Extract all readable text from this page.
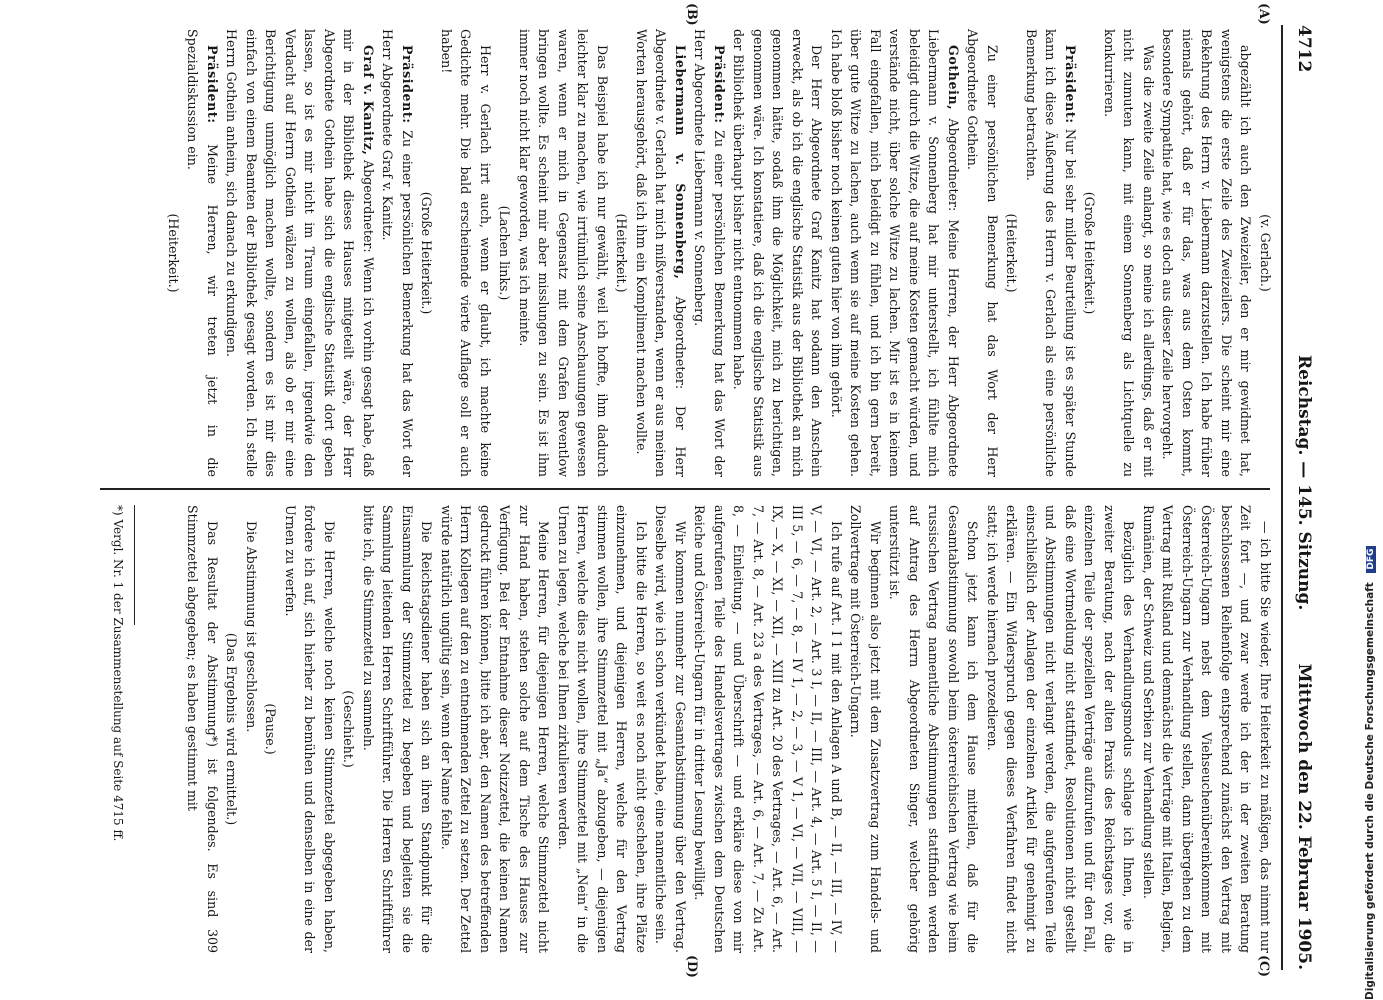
4712
Reichstag. — 145. Sitzung.
Mittwoch den 22. Februar 1905.
(A)
(B)
(C)
(D)

(v. Gerlach.)

abgezählt ich auch den Zweizeiler, den er mir gewidmet hat, wenigstens die erste Zeile des Zweizeilers. Die scheint mir eine Bekehrung des Herrn v. Liebermann darzustellen. Ich habe früher niemals gehört, daß er für das, was aus dem Osten kommt, besondere Sympathie hat, wie es doch aus dieser Zeile hervorgeht.

Was die zweite Zeile anlangt, so meine ich allerdings, daß er mit nicht zumuten kann, mit einem Sonnenberg als Lichtquelle zu konkurrieren.

(Große Heiterkeit.)

Präsident: Nur bei sehr milder Beurteilung ist es später Stunde kann ich diese Äußerung des Herrn v. Gerlach als eine persönliche Bemerkung betrachten.

(Heiterkeit.)

Zu einer persönlichen Bemerkung hat das Wort der Herr Abgeordnete Gothein.

Gothein, Abgeordneter: Meine Herren, der Herr Abgeordnete Liebermann v. Sonnenberg hat mir unterstellt, ich fühlte mich beleidigt durch die Witze, die auf meine Kosten gemacht würden, und verstände nicht, über solche Witze zu lachen. Mir ist es in keinem Fall eingefallen, mich beleidigt zu fühlen, und ich bin gern bereit, über gute Witze zu lachen, auch wenn sie auf meine Kosten gehen. Ich habe bloß bisher noch keinen guten hier von ihm gehört.

Der Herr Abgeordnete Graf Kanitz hat sodann den Anschein erweckt, als ob ich die englische Statistik aus der Bibliothek an mich genommen hätte, sodaß ihm die Möglichkeit, mich zu berichtigen, genommen wäre. Ich konstatiere, daß ich die englische Statistik aus der Bibliothek überhaupt bisher nicht entnommen habe.

Präsident: Zu einer persönlichen Bemerkung hat das Wort der Herr Abgeordnete Liebermann v. Sonnenberg.

Liebermann v. Sonnenberg, Abgeordneter: Der Herr Abgeordnete v. Gerlach hat mich mißverstanden, wenn er aus meinen Worten herausgehört, daß ich ihm ein Kompliment machen wollte.

(Heiterkeit.)

Das Beispiel habe ich nur gewählt, weil ich hoffte, ihm dadurch leichter klar zu machen, wie irrtümlich seine Anschauungen gewesen waren, wenn er mich in Gegensatz mit dem Grafen Reventlow bringen wollte. Es scheint mir aber misslungen zu sein. Es ist ihm immer noch nicht klar geworden, was ich meinte.

(Lachen links.)

Herr v. Gerlach irrt auch, wenn er glaubt, ich machte keine Gedichte mehr. Die bald erscheinende vierte Auflage soll er auch haben!

(Große Heiterkeit.)

Präsident: Zu einer persönlichen Bemerkung hat das Wort der Herr Abgeordnete Graf v. Kanitz.

Graf v. Kanitz, Abgeordneter: Wenn ich vorhin gesagt habe, daß mir in der Bibliothek dieses Hauses mitgeteilt wäre, der Herr Abgeordnete Gothein habe sich die englische Statistik dort geben lassen, so ist es mir nicht im Traum eingefallen, irgendwie den Verdacht auf Herrn Gothein wälzen zu wollen, als ob er mir eine Berichtigung unmöglich machen wollte, sondern es ist mir dies einfach von einem Beamten der Bibliothek gesagt worden. Ich stelle Herrn Gothein anheim, sich danach zu erkundigen.

Präsident: Meine Herren, wir treten jetzt in die Spezialdiskussion ein.

(Heiterkeit.)

— ich bitte Sie wieder, Ihre Heiterkeit zu mäßigen, das nimmt nur Zeit fort —, und zwar werde ich der in der zweiten Beratung beschlossenen Reihenfolge entsprechend zunächst den Vertrag mit Österreich-Ungarn nebst dem Viehseuchenübereinkommen mit Österreich-Ungarn zur Verhandlung stellen, dann übergehen zu dem Vertrag mit Rußland und demnächst die Verträge mit Italien, Belgien, Rumänien, der Schweiz und Serbien zur Verhandlung stellen.

Bezüglich des Verhandlungsmodus schlage ich Ihnen, wie in zweiter Beratung, nach der alten Praxis des Reichstages vor, die einzelnen Teile der speziellen Verträge aufzurufen und für den Fall, daß eine Wortmeldung nicht stattfindet, Resolutionen nicht gestellt und Abstimmungen nicht verlangt werden, die aufgerufenen Teile einschließlich der Anlagen der einzelnen Artikel für genehmigt zu erklären. — Ein Widerspruch gegen dieses Verfahren findet nicht statt; ich werde hiernach prozedieren.

Schon jetzt kann ich dem Hause mitteilen, daß für die Gesamtabstimmung sowohl beim österreichischen Vertrag wie beim russischen Vertrag namentliche Abstimmungen stattfinden werden auf Antrag des Herrn Abgeordneten Singer, welcher gehörig unterstützt ist.

Wir beginnen also jetzt mit dem Zusatzvertrag zum Handels- und Zollvertrage mit Österreich-Ungarn.

Ich rufe auf Art. I 1 mit den Anlagen A und B, — II, — III, — IV, — V, — VI, — Art. 2, — Art. 3 I, — II, — III, — Art. 4, — Art. 5 I, — II, — III 5, — 6, — 7, — 8, — IV 1, — 2, — 3, — V 1, — VI, — VII, — VIII, — IX, — X, — XI, — XII, — XIII zu Art. 20 des Vertrages, — Art. 6, — Art. 7, — Art. 8, — Art. 23 a des Vertrages, — Art. 6, — Art. 7, — Zu Art. 8, — Einleitung, — und Überschrift — und erkläre diese von mir aufgerufenen Teile des Handelsvertrages zwischen dem Deutschen Reiche und Österreich-Ungarn für in dritter Lesung bewilligt.

Wir kommen nunmehr zur Gesamtabstimmung über den Vertrag. Dieselbe wird, wie ich schon verkündet habe, eine namentliche sein.

Ich bitte die Herren, so weit es noch nicht geschehen, ihre Plätze einzunehmen, und diejenigen Herren, welche für den Vertrag stimmen wollen, ihre Stimmzettel mit „Ja“ abzugeben, — diejenigen Herren, welche dies nicht wollen, ihre Stimmzettel mit „Nein“ in die Urnen zu legen, welche bei Ihnen zirkulieren werden.

Meine Herren, für diejenigen Herren, welche Stimmzettel nicht zur Hand haben, stehen solche auf dem Tische des Hauses zur Verfügung. Bei der Entnahme dieser Notizzettel, die keinen Namen gedruckt führen können, bitte ich aber, den Namen des betreffenden Herrn Kollegen auf den zu entnehmenden Zettel zu setzen. Der Zettel würde natürlich ungültig sein, wenn der Name fehlte.

Die Reichstagsdiener haben sich an ihren Standpunkt für die Einsammlung der Stimmzettel zu begeben und begleiten sie die Sammlung leitenden Herren Schriftführer. Die Herren Schriftführer bitte ich, die Stimmzettel zu sammeln.

(Geschieht.)

Die Herren, welche noch keinen Stimmzettel abgegeben haben, fordere ich auf, sich hierher zu bemühen und denselben in eine der Urnen zu werfen.

(Pause.)

Die Abstimmung ist geschlossen.

(Das Ergebnis wird ermittelt.)

Das Resultat der Abstimmung*) ist folgendes. Es sind 309 Stimmzettel abgegeben; es haben gestimmt mit

*) Vergl. Nr. 1 der Zusammenstellung auf Seite 4715 ff.	Digitalisierung gefördert durch die Deutsche Forschungsgemeinschaft DFG
